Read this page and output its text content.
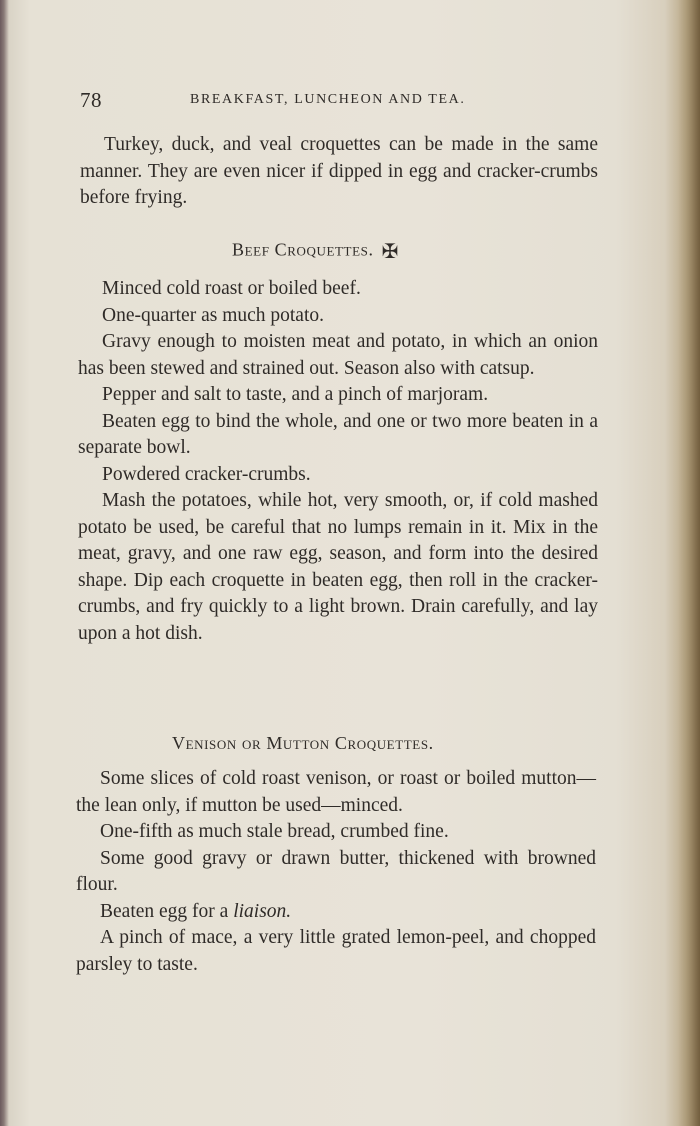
78	BREAKFAST, LUNCHEON AND TEA.

Turkey, duck, and veal croquettes can be made in the same manner. They are even nicer if dipped in egg and cracker-crumbs before frying.

Beef Croquettes. ✠

Minced cold roast or boiled beef.

One-quarter as much potato.

Gravy enough to moisten meat and potato, in which an onion has been stewed and strained out. Season also with catsup.

Pepper and salt to taste, and a pinch of marjoram.

Beaten egg to bind the whole, and one or two more beaten in a separate bowl.

Powdered cracker-crumbs.

Mash the potatoes, while hot, very smooth, or, if cold mashed potato be used, be careful that no lumps remain in it. Mix in the meat, gravy, and one raw egg, season, and form into the desired shape. Dip each croquette in beaten egg, then roll in the cracker-crumbs, and fry quickly to a light brown. Drain carefully, and lay upon a hot dish.

Venison or Mutton Croquettes.

Some slices of cold roast venison, or roast or boiled mutton—the lean only, if mutton be used—minced.

One-fifth as much stale bread, crumbed fine.

Some good gravy or drawn butter, thickened with browned flour.

Beaten egg for a liaison.

A pinch of mace, a very little grated lemon-peel, and chopped parsley to taste.
